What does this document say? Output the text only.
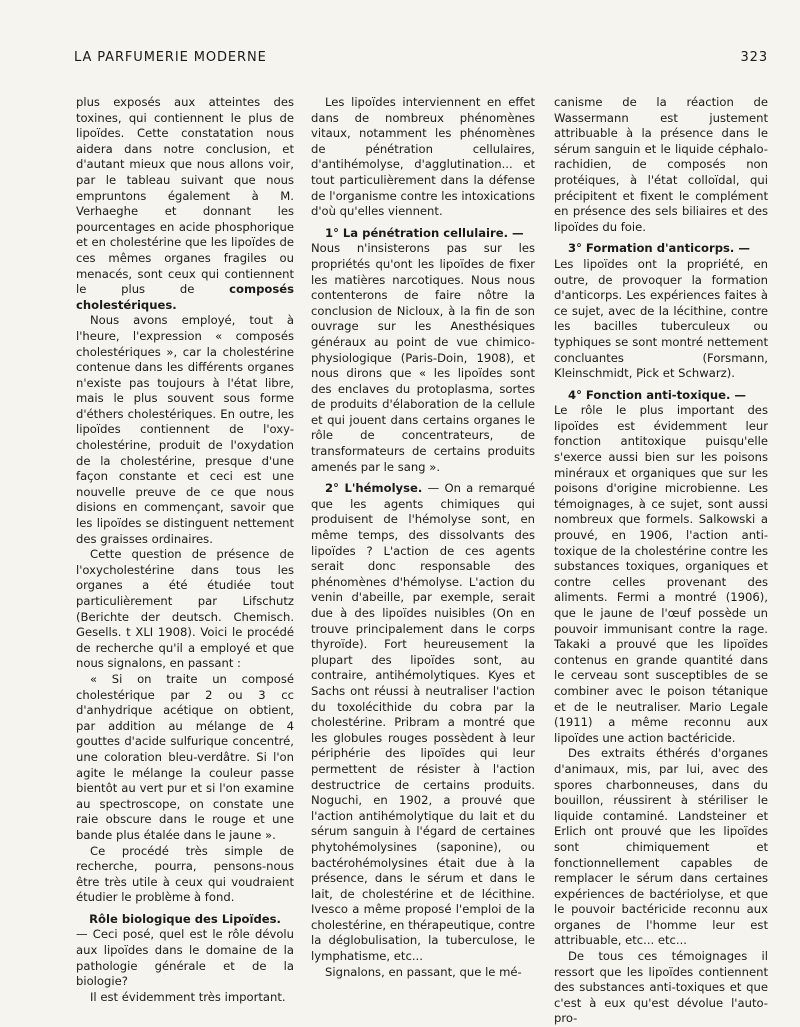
LA PARFUMERIE MODERNE	323

plus exposés aux atteintes des toxines, qui contiennent le plus de lipoïdes. Cette constatation nous aidera dans notre conclusion, et d'autant mieux que nous allons voir, par le tableau suivant que nous empruntons également à M. Verhaeghe et donnant les pourcentages en acide phosphorique et en cholestérine que les lipoïdes de ces mêmes organes fragiles ou menacés, sont ceux qui contiennent le plus de	composés cholestériques.

Nous avons employé, tout à l'heure, l'expression « composés cholestériques », car la cholestérine contenue dans les différents organes n'existe pas toujours à l'état libre, mais le plus souvent sous forme d'éthers cholestériques. En outre, les lipoïdes contiennent de l'oxy-cholestérine, produit de l'oxydation de la cholestérine, presque d'une façon constante et ceci est une nouvelle preuve de ce que nous disions en commençant, savoir que les lipoïdes se distinguent nettement des graisses ordinaires.

Cette question de présence de l'oxycholestérine dans tous les organes a été étudiée tout particulièrement par Lifschutz (Berichte der deutsch. Chemisch. Gesells. t XLI 1908). Voici le procédé de recherche qu'il a employé et que nous signalons, en passant :

« Si on traite un composé cholestérique par 2 ou 3 cc d'anhydrique acétique on obtient, par addition au mélange de 4 gouttes d'acide sulfurique concentré, une coloration bleu-verdâtre. Si l'on agite le mélange la couleur passe bientôt au vert pur et si l'on examine au spectroscope, on constate une raie obscure dans le rouge et une bande plus étalée dans le jaune ».

Ce procédé très simple de recherche, pourra, pensons-nous être très utile à ceux qui voudraient étudier le problème à fond.

Rôle biologique des Lipoïdes.

— Ceci posé, quel est le rôle dévolu aux lipoïdes dans le domaine de la pathologie générale et de la biologie?

Il est évidemment très important.

Les lipoïdes interviennent en effet dans de nombreux phénomènes vitaux, notamment les phénomènes de pénétration cellulaires, d'antihémolyse, d'agglutination... et tout particulièrement dans la défense de l'organisme contre les intoxications d'où qu'elles viennent.

1° La pénétration cellulaire. —

Nous n'insisterons pas sur les propriétés qu'ont les lipoïdes de fixer les matières narcotiques. Nous nous contenterons de faire nôtre la conclusion de Nicloux, à la fin de son ouvrage sur les Anesthésiques généraux au point de vue chimico-physiologique (Paris-Doin, 1908), et nous dirons que « les lipoïdes sont des enclaves du protoplasma, sortes de produits d'élaboration de la cellule et qui jouent dans certains organes le rôle de concentrateurs, de transformateurs de certains produits amenés par le sang ».

2° L'hémolyse. — On a remarqué que les agents chimiques qui produisent de l'hémolyse sont, en même temps, des dissolvants des lipoïdes ? L'action de ces agents serait donc responsable des phénomènes d'hémolyse. L'action du venin d'abeille, par exemple, serait due à des lipoïdes nuisibles (On en trouve principalement dans le corps thyroïde). Fort heureusement la plupart des lipoïdes sont, au contraire, antihémolytiques. Kyes et Sachs ont réussi à neutraliser l'action du toxolécithide du cobra par la cholestérine. Pribram a montré que les globules rouges possèdent à leur périphérie des lipoïdes qui leur permettent de résister à l'action destructrice de certains produits. Noguchi, en 1902, a prouvé que l'action antihémolytique du lait et du sérum sanguin à l'égard de certaines phytohémolysines (saponine), ou bactérohémolysines était due à la présence, dans le sérum et dans le lait, de cholestérine et de lécithine. Ivesco a même proposé l'emploi de la cholestérine, en thérapeutique, contre la déglobulisation, la tuberculose, le lymphatisme, etc...

Signalons, en passant, que le mé-

canisme de la réaction de Wassermann est justement attribuable à la présence dans le sérum sanguin et le liquide céphalo-rachidien, de composés non protéiques, à l'état colloïdal, qui précipitent et fixent le complément en présence des sels biliaires et des lipoïdes du foie.

3° Formation d'anticorps. —

Les lipoïdes ont la propriété, en outre, de provoquer la formation d'anticorps. Les expériences faites à ce sujet, avec de la lécithine, contre les bacilles tuberculeux ou typhiques se sont montré nettement concluantes (Forsmann, Kleinschmidt, Pick et Schwarz).

4° Fonction anti-toxique. —

Le rôle le plus important des lipoïdes est évidemment leur fonction antitoxique puisqu'elle s'exerce aussi bien sur les poisons minéraux et organiques que sur les poisons d'origine microbienne. Les témoignages, à ce sujet, sont aussi nombreux que formels. Salkowski a prouvé, en 1906, l'action anti-toxique de la cholestérine contre les substances toxiques, organiques et contre celles provenant des aliments. Fermi a montré (1906), que le jaune de l'œuf possède un pouvoir immunisant contre la rage. Takaki a prouvé que les lipoïdes contenus en grande quantité dans le cerveau sont susceptibles de se combiner avec le poison tétanique et de le neutraliser. Mario Legale (1911) a même reconnu aux lipoïdes une action bactéricide.

Des extraits éthérés d'organes d'animaux, mis, par lui, avec des spores charbonneuses, dans du bouillon, réussirent à stériliser le liquide contaminé. Landsteiner et Erlich ont prouvé que les lipoïdes sont chimiquement et fonctionnellement capables de remplacer le sérum dans certaines expériences de bactériolyse, et que le pouvoir bactéricide reconnu aux organes de l'homme leur est attribuable, etc... etc...

De tous ces témoignages il ressort que les lipoïdes contiennent des substances anti-toxiques et que c'est à eux qu'est dévolue l'auto-pro-
